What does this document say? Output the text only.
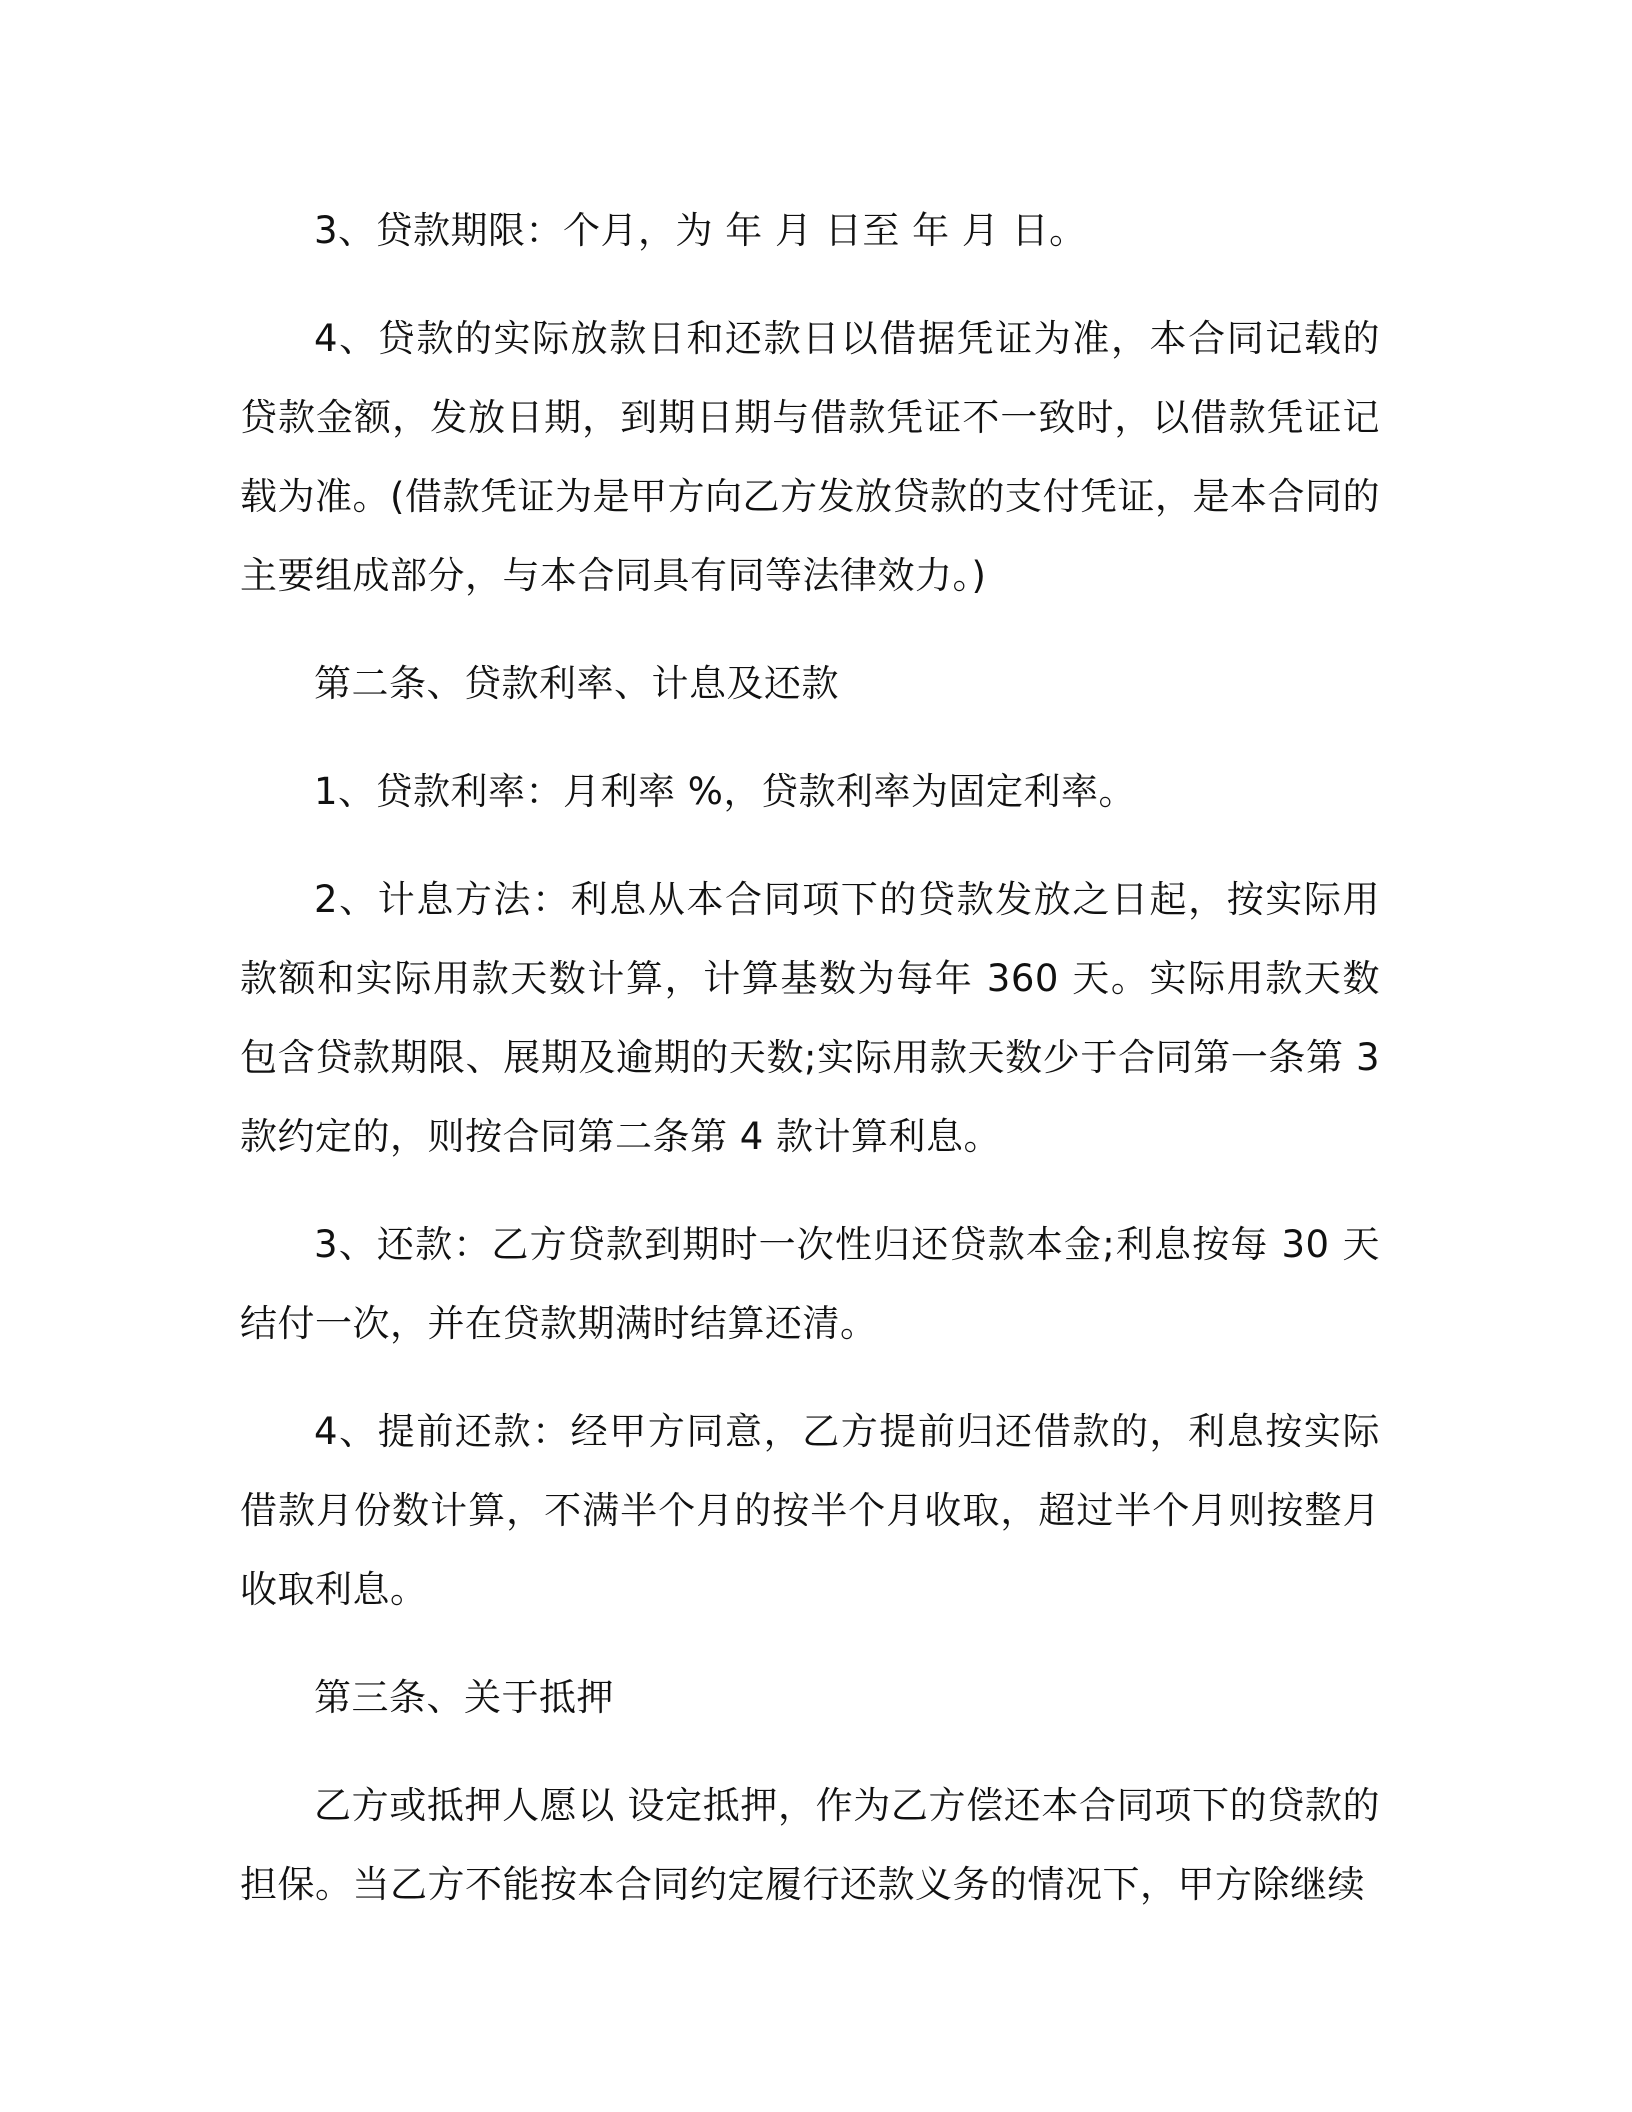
3、贷款期限：个月，为 年 月 日至 年 月 日。

4、贷款的实际放款日和还款日以借据凭证为准，本合同记载的贷款金额，发放日期，到期日期与借款凭证不一致时，以借款凭证记载为准。(借款凭证为是甲方向乙方发放贷款的支付凭证，是本合同的主要组成部分，与本合同具有同等法律效力。)

第二条、贷款利率、计息及还款

1、贷款利率：月利率 %，贷款利率为固定利率。

2、计息方法：利息从本合同项下的贷款发放之日起，按实际用款额和实际用款天数计算，计算基数为每年 360 天。实际用款天数包含贷款期限、展期及逾期的天数;实际用款天数少于合同第一条第 3 款约定的，则按合同第二条第 4 款计算利息。

3、还款：乙方贷款到期时一次性归还贷款本金;利息按每 30 天结付一次，并在贷款期满时结算还清。

4、提前还款：经甲方同意，乙方提前归还借款的，利息按实际借款月份数计算，不满半个月的按半个月收取，超过半个月则按整月收取利息。

第三条、关于抵押

乙方或抵押人愿以 设定抵押，作为乙方偿还本合同项下的贷款的担保。当乙方不能按本合同约定履行还款义务的情况下，甲方除继续
